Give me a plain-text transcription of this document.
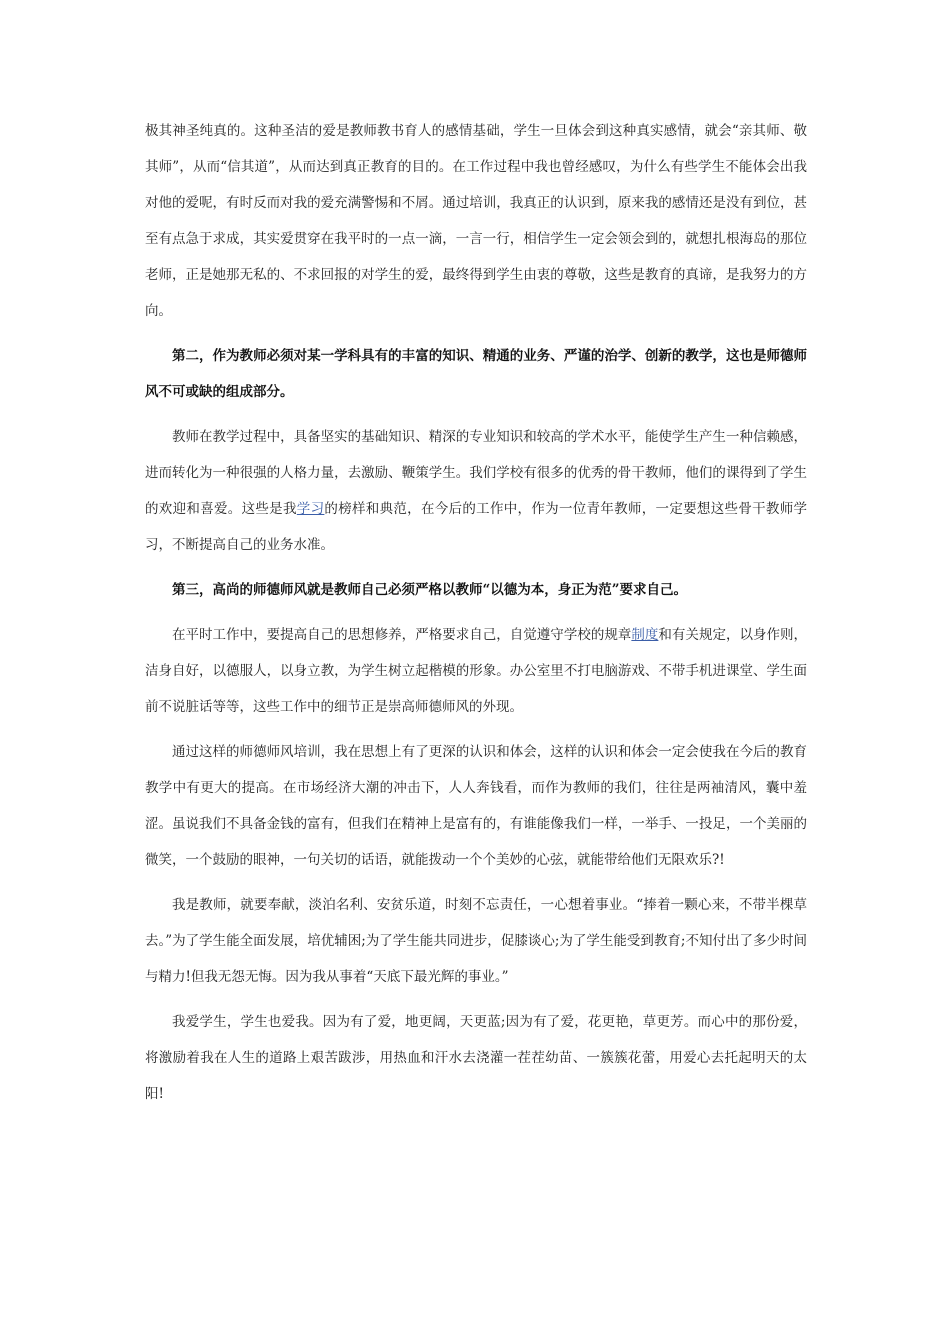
极其神圣纯真的。这种圣洁的爱是教师教书育人的感情基础，学生一旦体会到这种真实感情，就会“亲其师、敬其师”，从而“信其道”，从而达到真正教育的目的。在工作过程中我也曾经感叹，为什么有些学生不能体会出我对他的爱呢，有时反而对我的爱充满警惕和不屑。通过培训，我真正的认识到，原来我的感情还是没有到位，甚至有点急于求成，其实爱贯穿在我平时的一点一滴，一言一行，相信学生一定会领会到的，就想扎根海岛的那位老师，正是她那无私的、不求回报的对学生的爱，最终得到学生由衷的尊敬，这些是教育的真谛，是我努力的方向。

第二，作为教师必须对某一学科具有的丰富的知识、精通的业务、严谨的治学、创新的教学，这也是师德师风不可或缺的组成部分。

教师在教学过程中，具备坚实的基础知识、精深的专业知识和较高的学术水平，能使学生产生一种信赖感，进而转化为一种很强的人格力量，去激励、鞭策学生。我们学校有很多的优秀的骨干教师，他们的课得到了学生的欢迎和喜爱。这些是我学习的榜样和典范，在今后的工作中，作为一位青年教师，一定要想这些骨干教师学习，不断提高自己的业务水准。

第三，高尚的师德师风就是教师自己必须严格以教师“以德为本，身正为范”要求自己。

在平时工作中，要提高自己的思想修养，严格要求自己，自觉遵守学校的规章制度和有关规定，以身作则，洁身自好，以德服人，以身立教，为学生树立起楷模的形象。办公室里不打电脑游戏、不带手机进课堂、学生面前不说脏话等等，这些工作中的细节正是崇高师德师风的外现。

通过这样的师德师风培训，我在思想上有了更深的认识和体会，这样的认识和体会一定会使我在今后的教育教学中有更大的提高。在市场经济大潮的冲击下，人人奔钱看，而作为教师的我们，往往是两袖清风，囊中羞涩。虽说我们不具备金钱的富有，但我们在精神上是富有的，有谁能像我们一样，一举手、一投足，一个美丽的微笑，一个鼓励的眼神，一句关切的话语，就能拨动一个个美妙的心弦，就能带给他们无限欢乐?!

我是教师，就要奉献，淡泊名利、安贫乐道，时刻不忘责任，一心想着事业。“捧着一颗心来，不带半棵草去。”为了学生能全面发展，培优辅困;为了学生能共同进步，促膝谈心;为了学生能受到教育;不知付出了多少时间与精力!但我无怨无悔。因为我从事着“天底下最光辉的事业。”

我爱学生，学生也爱我。因为有了爱，地更阔，天更蓝;因为有了爱，花更艳，草更芳。而心中的那份爱，将激励着我在人生的道路上艰苦跋涉，用热血和汗水去浇灌一茬茬幼苗、一簇簇花蕾，用爱心去托起明天的太阳!
